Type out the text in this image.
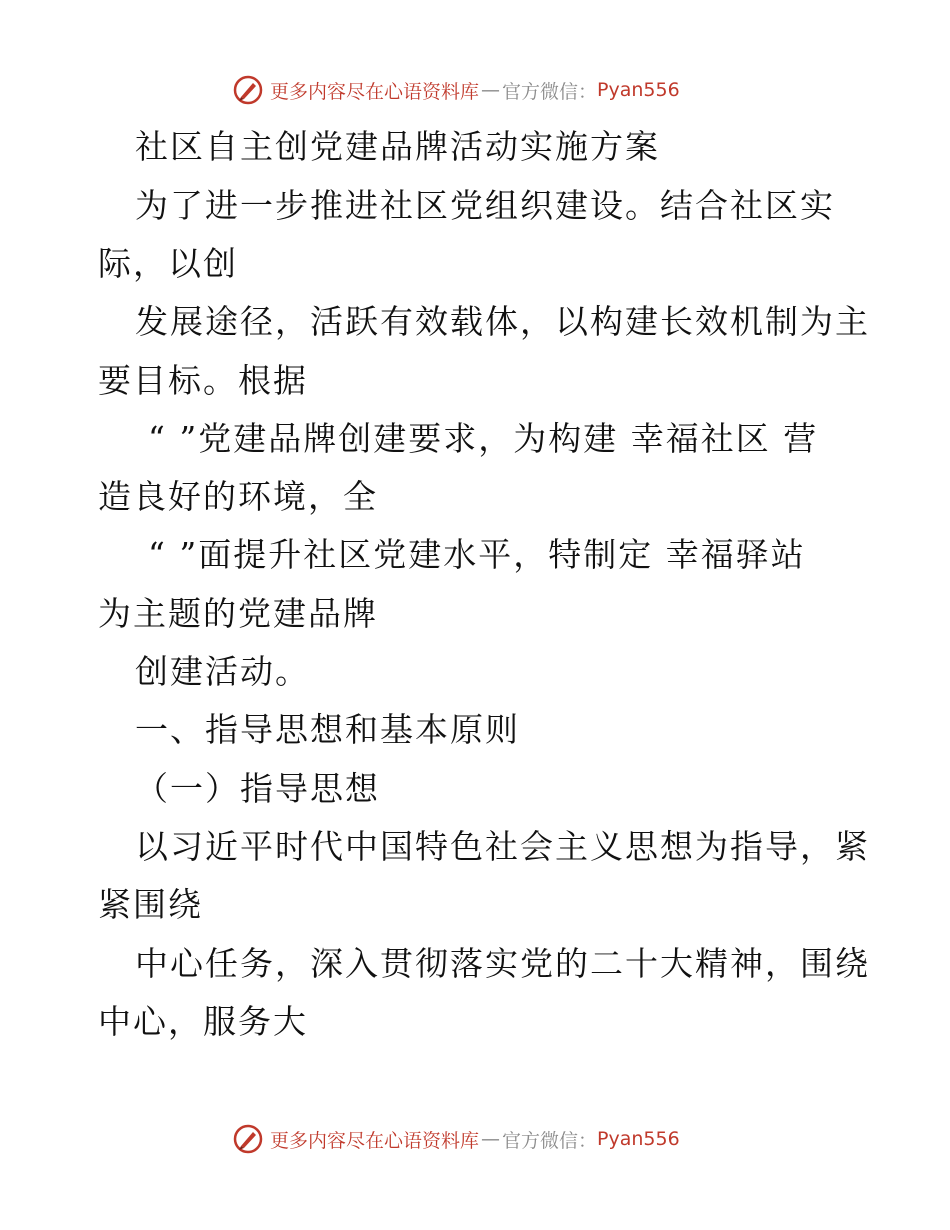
更多内容尽在心语资料库 — 官方微信： Pyan556
社区自主创党建品牌活动实施方案
为了进一步推进社区党组织建设。结合社区实
际，以创
发展途径，活跃有效载体，以构建长效机制为主
要目标。根据
“ ”党建品牌创建要求，为构建 幸福社区 营
造良好的环境，全
“ ”面提升社区党建水平，特制定 幸福驿站
为主题的党建品牌
创建活动。
一、指导思想和基本原则
（一）指导思想
以习近平时代中国特色社会主义思想为指导，紧
紧围绕
中心任务，深入贯彻落实党的二十大精神，围绕
中心，服务大
更多内容尽在心语资料库 — 官方微信： Pyan556
